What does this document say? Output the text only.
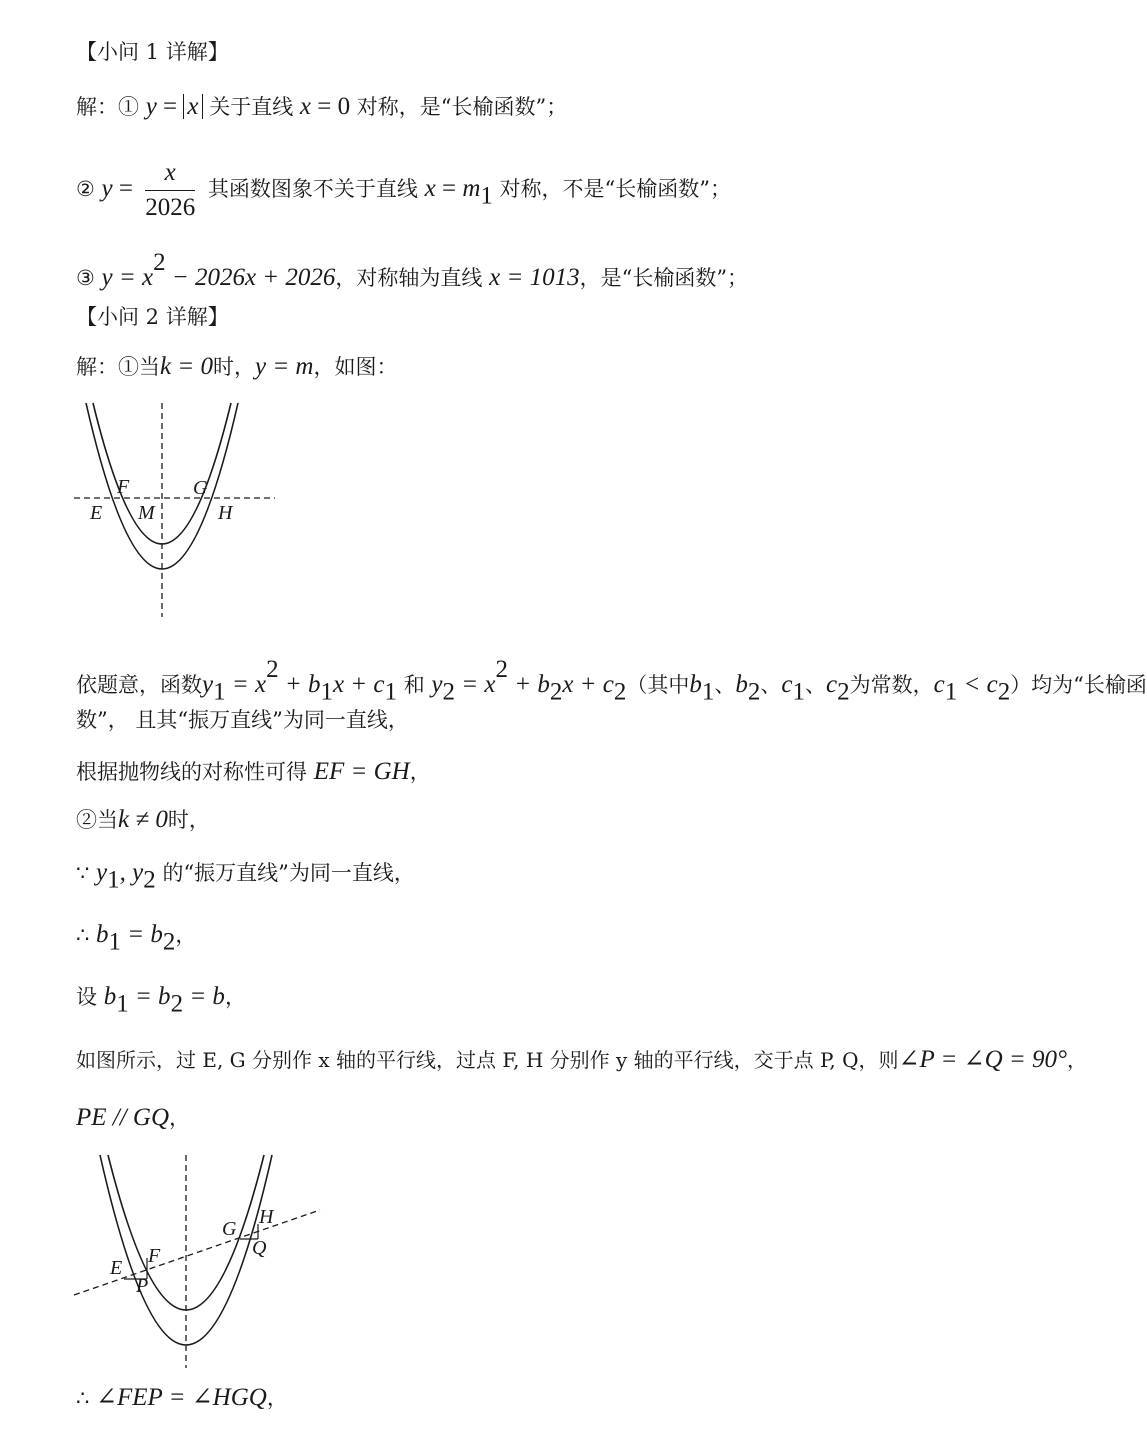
【小问 1 详解】
解：① y = x 关于直线 x = 0 对称，是“长榆函数”；
② $y = \frac{x}{2026}$ 其函数图象不关于直线 $x = m_1$ 对称，不是“长榆函数”；
③ $y = x^2 - 2026x + 2026$，对称轴为直线 x = 1013，是“长榆函数”；
【小问 2 详解】
解：①当k = 0时，y = m，如图：
F	G
E M	H
依题意，函数$y_1 = x^2 + b_1x + c_1$ 和 $y_2 = x^2 + b_2x + c_2$（其中$b_1$、$b_2$、$c_1$、$c_2$为常数，$c_1 < c_2$）均为“长榆函
数”， 且其“振万直线”为同一直线，
根据抛物线的对称性可得 EF = GH，
②当k ≠ 0时，
∵ $y_1$, $y_2$ 的“振万直线”为同一直线，
∴ $b_1 = b_2$，
设 $b_1 = b_2 = b$，
如图所示，过 E, G 分别作 x 轴的平行线，过点 F, H 分别作 y 轴的平行线，交于点 P, Q，则∠P = ∠Q = 90°，
PE // GQ，
G
H
Q
E
F
P
∴ ∠FEP = ∠HGQ，
